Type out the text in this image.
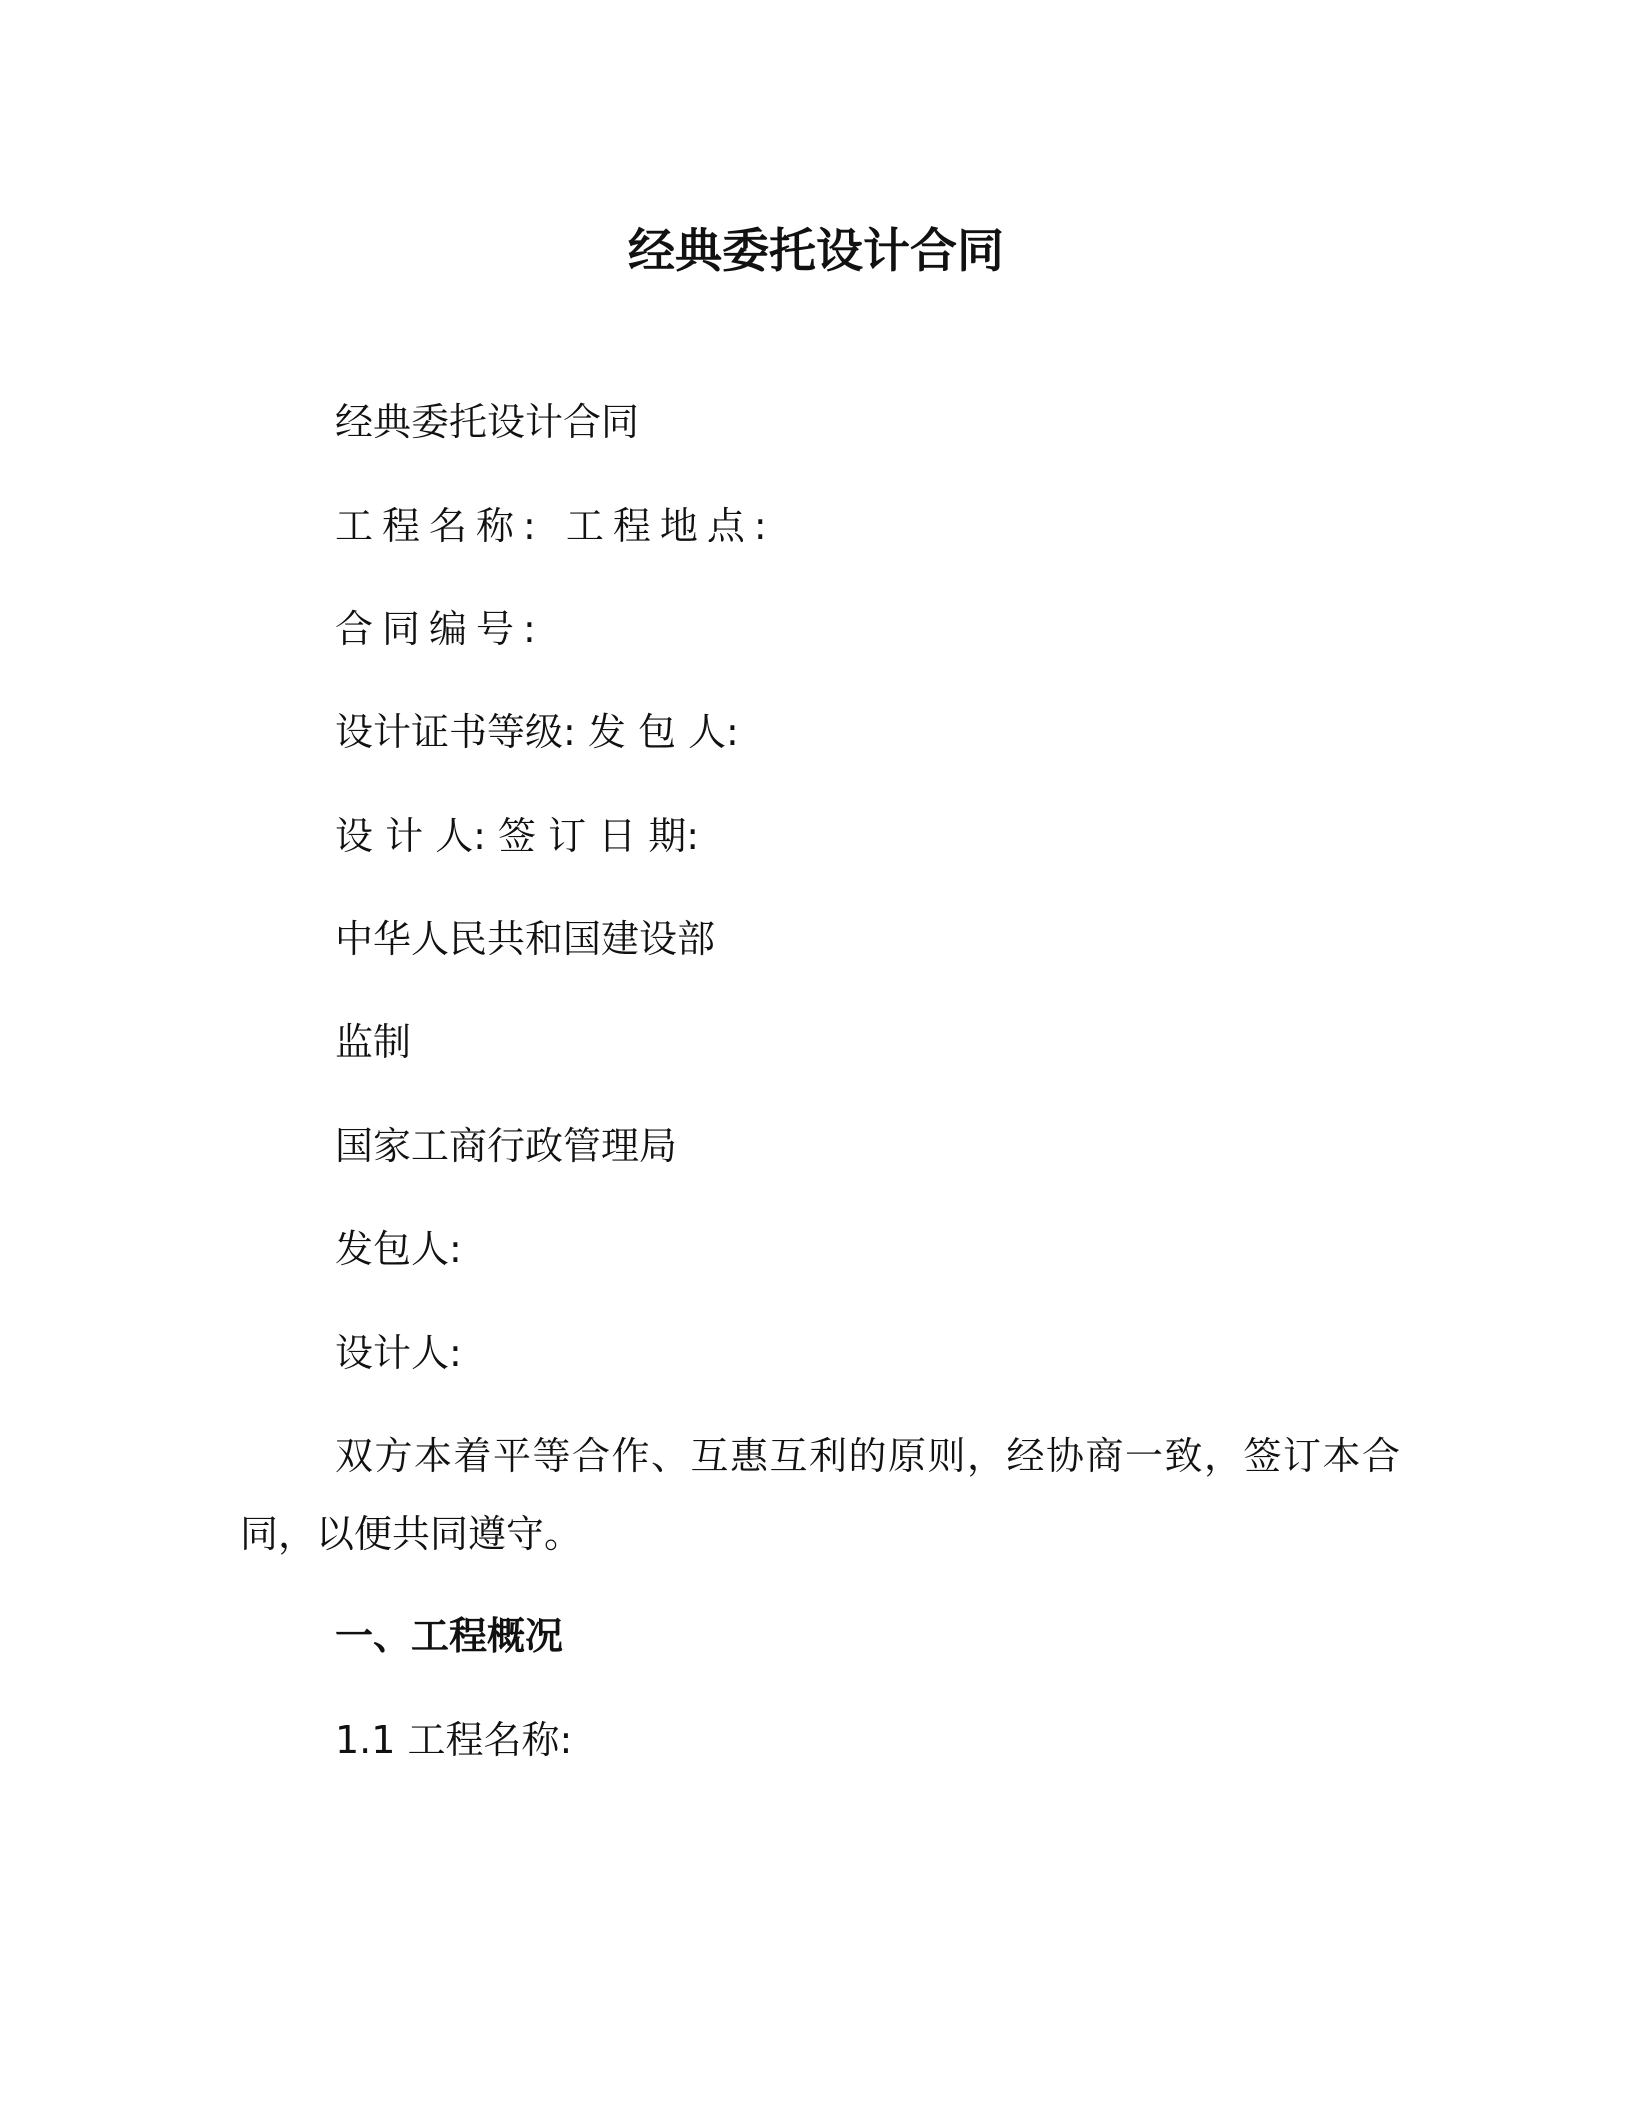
经典委托设计合同
经典委托设计合同
工程名称: 工程地点:
合同编号:
设计证书等级: 发 包 人:
设 计 人: 签 订 日 期:
中华人民共和国建设部
监制
国家工商行政管理局
发包人:
设计人:
双方本着平等合作、互惠互利的原则，经协商一致，签订本合同，以便共同遵守。
一、工程概况
1.1 工程名称:
